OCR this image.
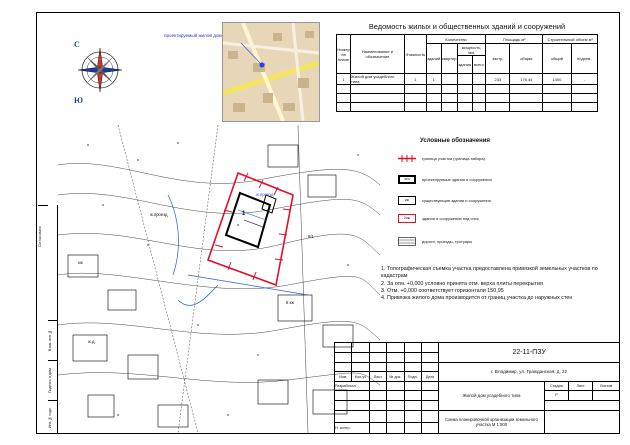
Согласовано
Взам. инв.№
Подпись и дата
Инв.№ подл.
С
Ю
проектируемый жилой дом
ж.проезд
ж.проезд
8/1
ж.д.
кж
1
6 кж
Ведомость жилых и общественных зданий и сооружений
Номер на плане	Наименование и обозначение	Этажность	Количество				Площадь м²		Строительный объем м³	
			зданий	квартир	мощность, чел.		застр.	общая	общий	подзем.
					здания	всего				
1	Жилой дом усадебного типа	1	1				233	176,44	1400	-

Условные обозначения
граница участка (граница забора)
ж/з	проектируемые здания и сооружения
кж	существующие здания и сооружения
2кж	здания и сооружения под снос
дороги, проезды, тротуары
1. Топографическая съемка участка предоставлена привязкой земельных участков по кадастрам
2. За отм. +0,000 условно принята отм. верха плиты перекрытия
3. Отм. +0,000 соответствует горизонтали 150,95
4. Привязка жилого дома производится от границ участка до наружных стен
						22-11-ПЗУ			

						г. Владимир, ул. Гражданская, д. 22			
Изм.	Кол.уч	Лист	№ док.	Подп.	Дата				
Разработал						Жилой дом усадебного типа	Стадия	Лист	Листов
							Р		

						Схема планировочной организации земельного участка М 1:500			
Н. контр.									
